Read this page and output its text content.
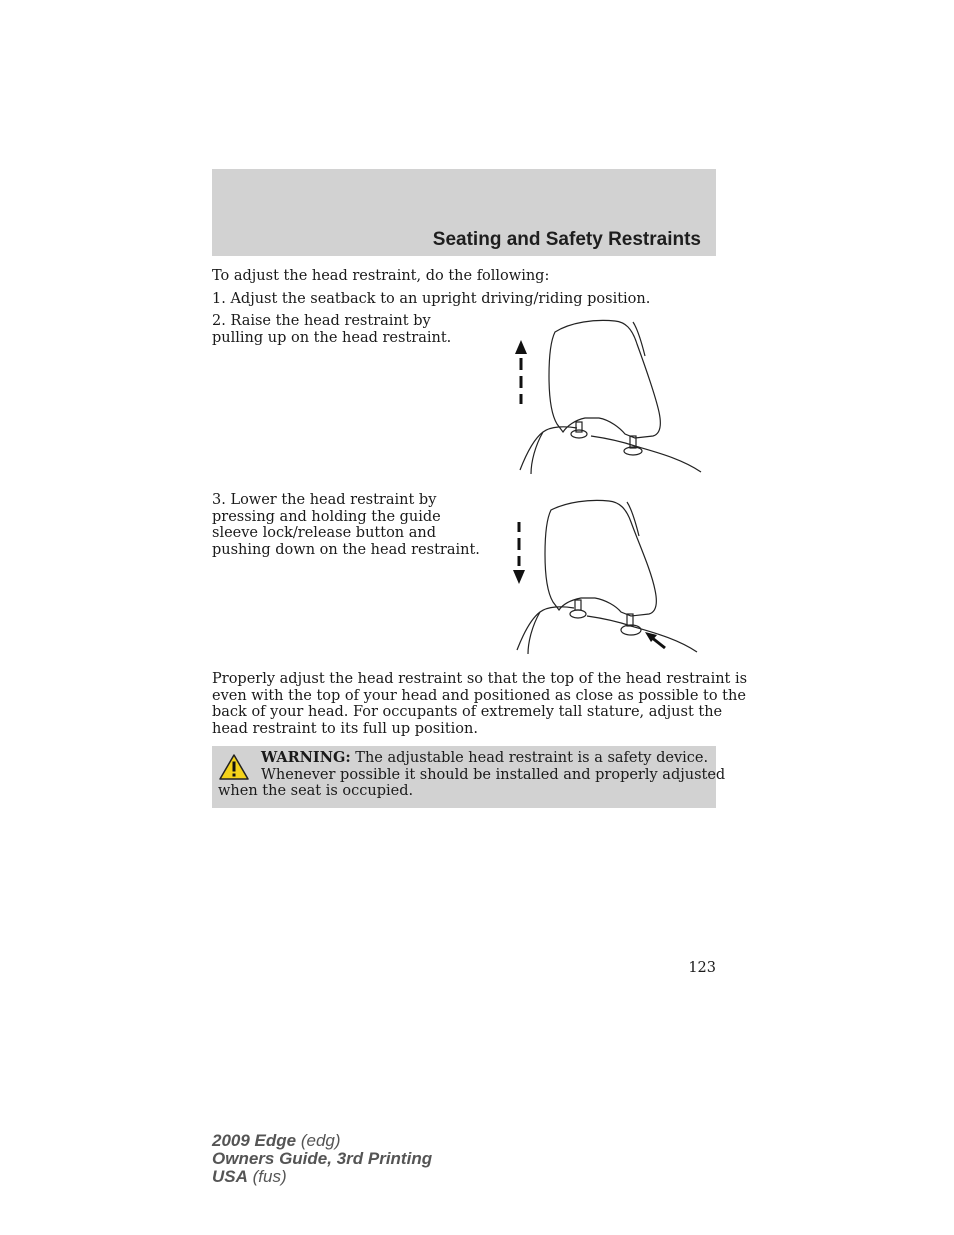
Seating and Safety Restraints

To adjust the head restraint, do the following:

1. Adjust the seatback to an upright driving/riding position.

2. Raise the head restraint by
pulling up on the head restraint.

3. Lower the head restraint by
pressing and holding the guide
sleeve lock/release button and
pushing down on the head restraint.

Properly adjust the head restraint so that the top of the head restraint is
even with the top of your head and positioned as close as possible to the
back of your head. For occupants of extremely tall stature, adjust the
head restraint to its full up position.

WARNING: The adjustable head restraint is a safety device.
Whenever possible it should be installed and properly adjusted
when the seat is occupied.

123

2009 Edge (edg)
Owners Guide, 3rd Printing
USA (fus)
